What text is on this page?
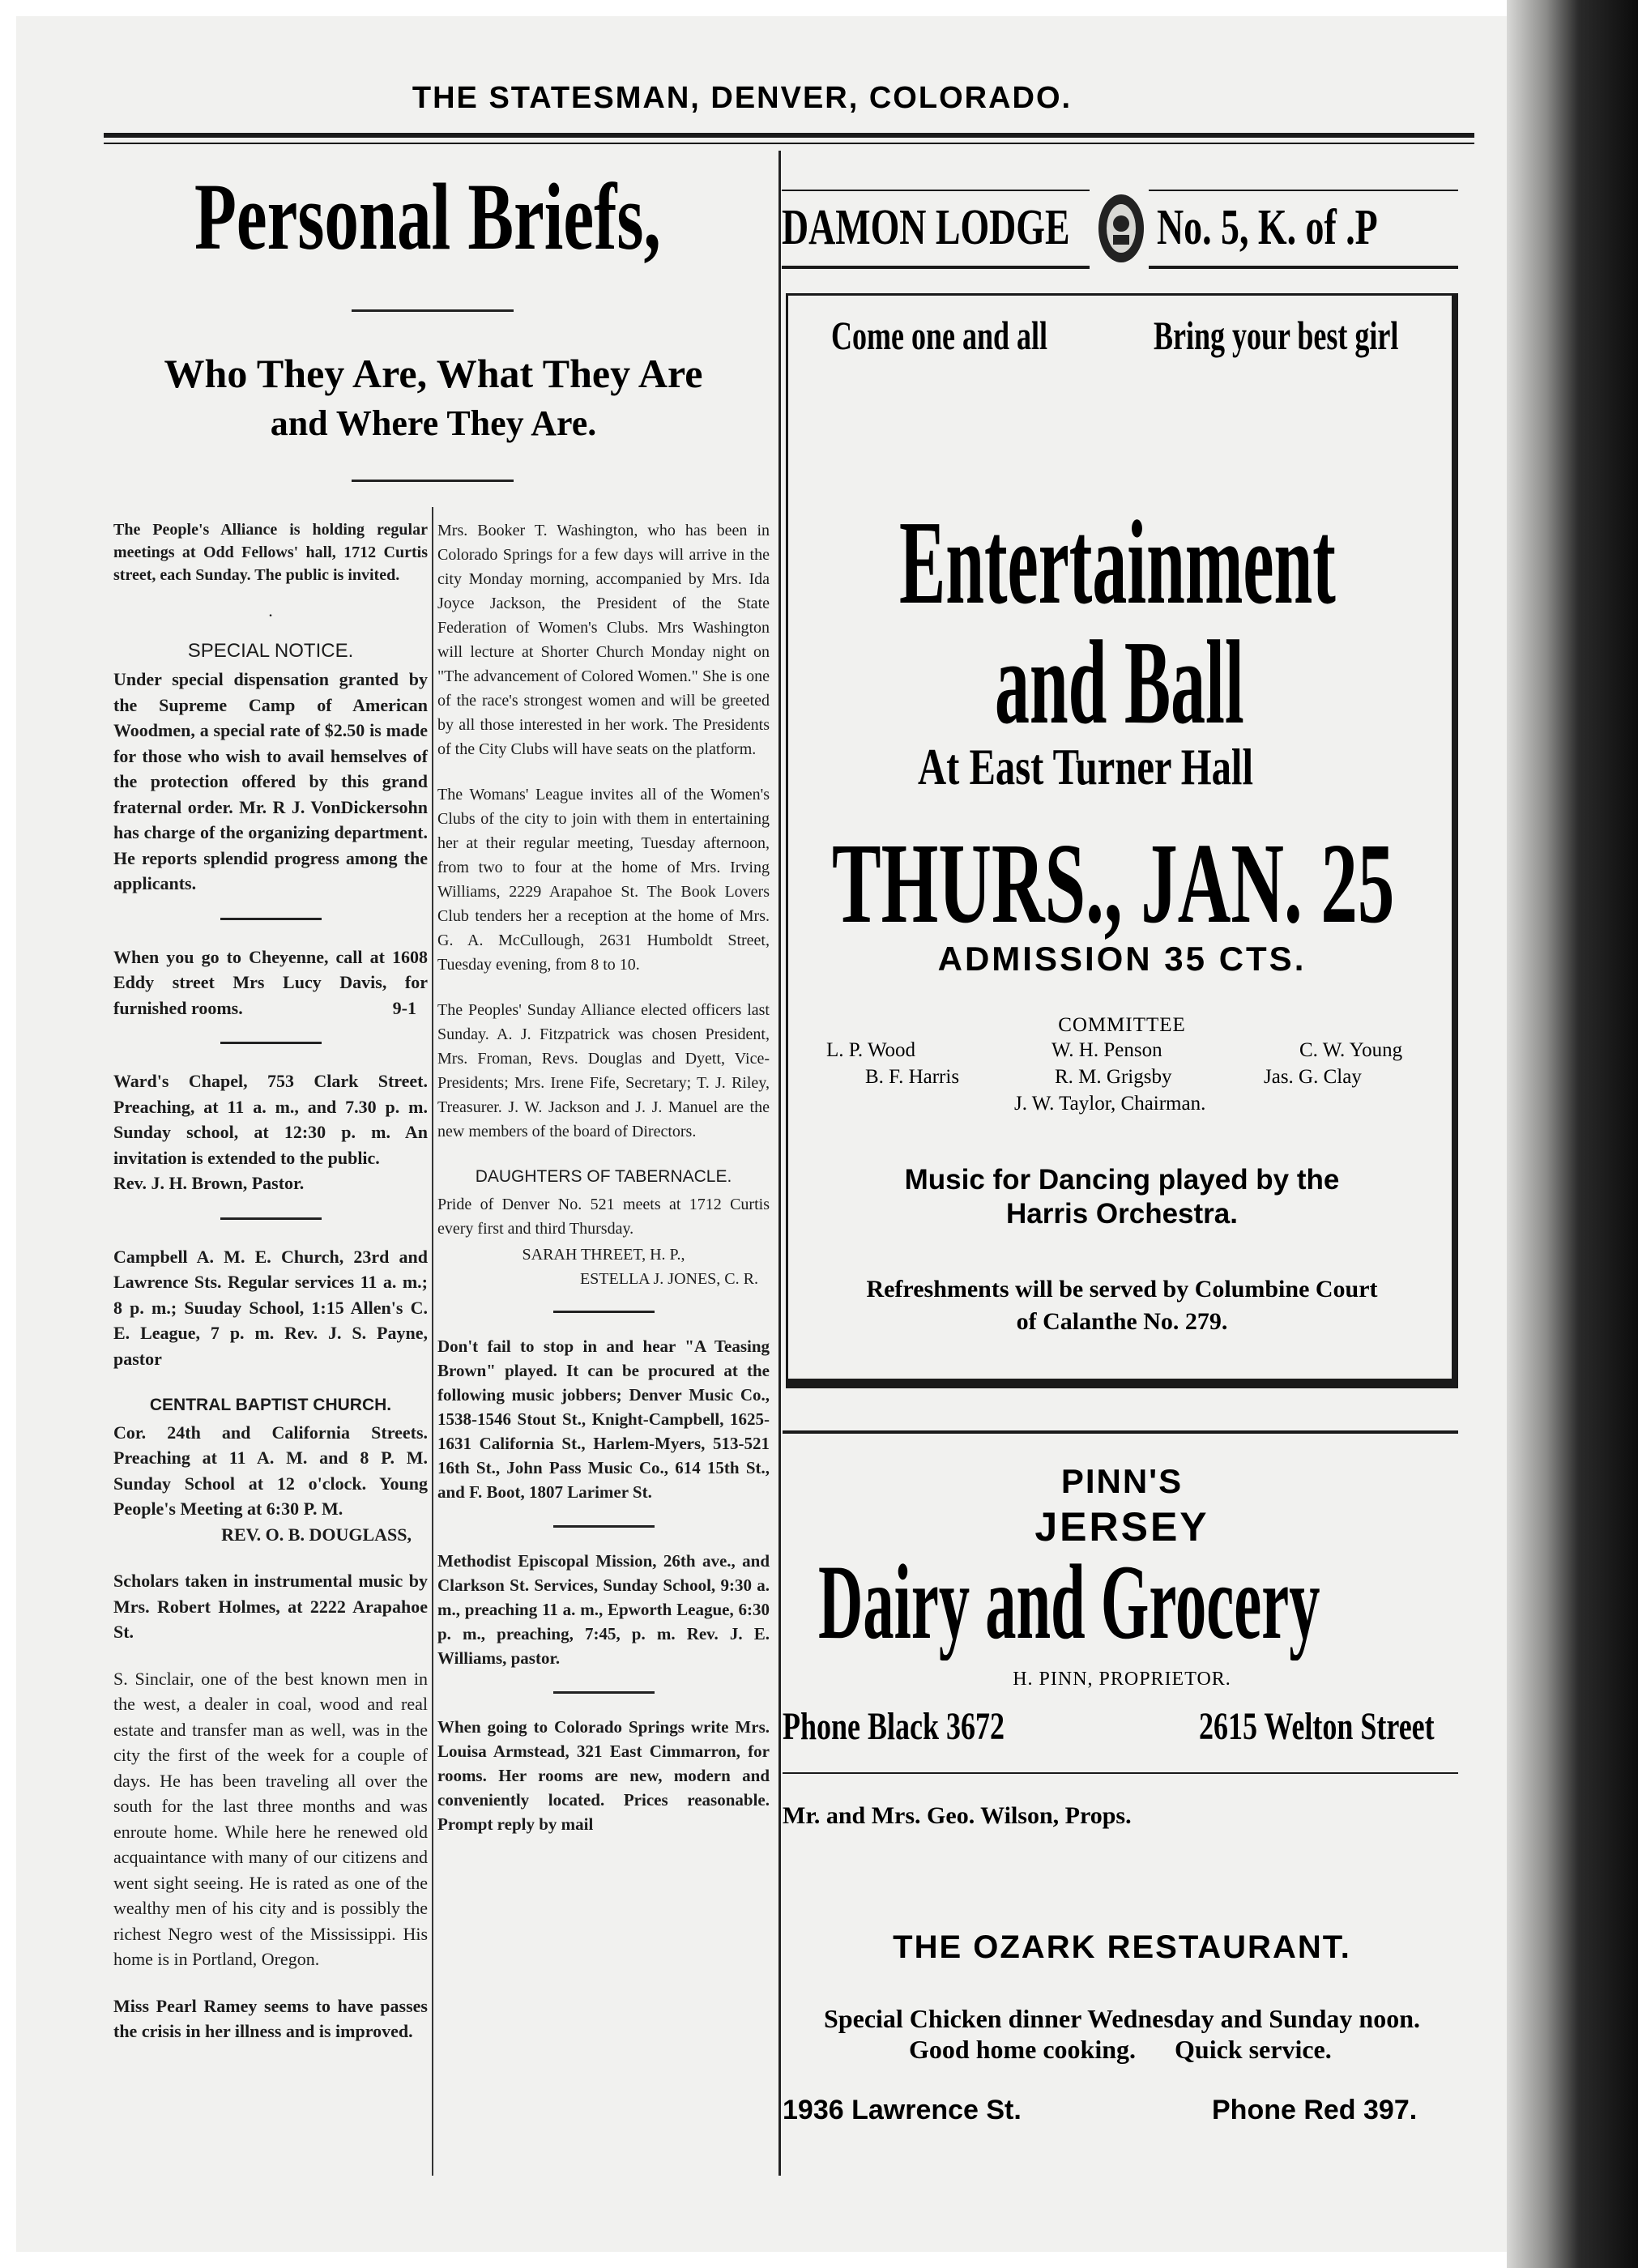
THE STATESMAN, DENVER, COLORADO.
Personal Briefs,
Who They Are, What They Are
and Where They Are.

The People's Alliance is holding regular meetings at Odd Fellows' hall, 1712 Curtis street, each Sunday. The public is invited.

·
SPECIAL NOTICE.

Under special dispensation granted by the Supreme Camp of American Woodmen, a special rate of $2.50 is made for those who wish to avail hemselves of the protection offered by this grand fraternal order. Mr. R J. VonDickersohn has charge of the organizing department. He reports splendid progress among the applicants.

When you go to Cheyenne, call at 1608 Eddy street Mrs Lucy Davis, for furnished rooms.	9-1

Ward's Chapel, 753 Clark Street. Preaching, at 11 a. m., and 7.30 p. m. Sunday school, at 12:30 p. m. An invitation is extended to the public.

Rev. J. H. Brown, Pastor.

Campbell A. M. E. Church, 23rd and Lawrence Sts. Regular services 11 a. m.; 8 p. m.; Suuday School, 1:15 Allen's C. E. League, 7 p. m. Rev. J. S. Payne, pastor

CENTRAL BAPTIST CHURCH.

Cor. 24th and California Streets. Preaching at 11 A. M. and 8 P. M. Sunday School at 12 o'clock. Young People's Meeting at 6:30 P. M.

REV. O. B. DOUGLASS,

Scholars taken in instrumental music by Mrs. Robert Holmes, at 2222 Arapahoe St.

S. Sinclair, one of the best known men in the west, a dealer in coal, wood and real estate and transfer man as well, was in the city the first of the week for a couple of days. He has been traveling all over the south for the last three months and was enroute home. While here he renewed old acquaintance with many of our citizens and went sight seeing. He is rated as one of the wealthy men of his city and is possibly the richest Negro west of the Mississippi. His home is in Portland, Oregon.

Miss Pearl Ramey seems to have passes the crisis in her illness and is improved.

Mrs. Booker T. Washington, who has been in Colorado Springs for a few days will arrive in the city Monday morning, accompanied by Mrs. Ida Joyce Jackson, the President of the State Federation of Women's Clubs. Mrs Washington will lecture at Shorter Church Monday night on "The advancement of Colored Women." She is one of the race's strongest women and will be greeted by all those interested in her work. The Presidents of the City Clubs will have seats on the platform.

The Womans' League invites all of the Women's Clubs of the city to join with them in entertaining her at their regular meeting, Tuesday afternoon, from two to four at the home of Mrs. Irving Williams, 2229 Arapahoe St. The Book Lovers Club tenders her a reception at the home of Mrs. G. A. McCullough, 2631 Humboldt Street, Tuesday evening, from 8 to 10.

The Peoples' Sunday Alliance elected officers last Sunday. A. J. Fitzpatrick was chosen President, Mrs. Froman, Revs. Douglas and Dyett, Vice-Presidents; Mrs. Irene Fife, Secretary; T. J. Riley, Treasurer. J. W. Jackson and J. J. Manuel are the new members of the board of Directors.

DAUGHTERS OF TABERNACLE.

Pride of Denver No. 521 meets at 1712 Curtis every first and third Thursday.

SARAH THREET, H. P.,
ESTELLA J. JONES, C. R.

Don't fail to stop in and hear "A Teasing Brown" played. It can be procured at the following music jobbers; Denver Music Co., 1538-1546 Stout St., Knight-Campbell, 1625-1631 California St., Harlem-Myers, 513-521 16th St., John Pass Music Co., 614 15th St., and F. Boot, 1807 Larimer St.

Methodist Episcopal Mission, 26th ave., and Clarkson St. Services, Sunday School, 9:30 a. m., preaching 11 a. m., Epworth League, 6:30 p. m., preaching, 7:45, p. m. Rev. J. E. Williams, pastor.

When going to Colorado Springs write Mrs. Louisa Armstead, 321 East Cimmarron, for rooms. Her rooms are new, modern and conveniently located. Prices reasonable. Prompt reply by mail

DAMON LODGE	No. 5, K. of .P
Come one and all	Bring your best girl
Entertainment
and Ball
At East Turner Hall
THURS., JAN. 25
ADMISSION 35 CTS.
COMMITTEE
L. P. Wood	W. H. Penson	C. W. Young
B. F. Harris	R. M. Grigsby	Jas. G. Clay
J. W. Taylor, Chairman.
Music for Dancing played by the
Harris Orchestra.
Refreshments will be served by Columbine Court
of Calanthe No. 279.
PINN'S
JERSEY
Dairy and Grocery
H. PINN, PROPRIETOR.
Phone Black 3672	2615 Welton Street
Mr. and Mrs. Geo. Wilson, Props.
THE OZARK RESTAURANT.
Special Chicken dinner Wednesday and Sunday noon.
Good home cooking. Quick service.
1936 Lawrence St.	Phone Red 397.
